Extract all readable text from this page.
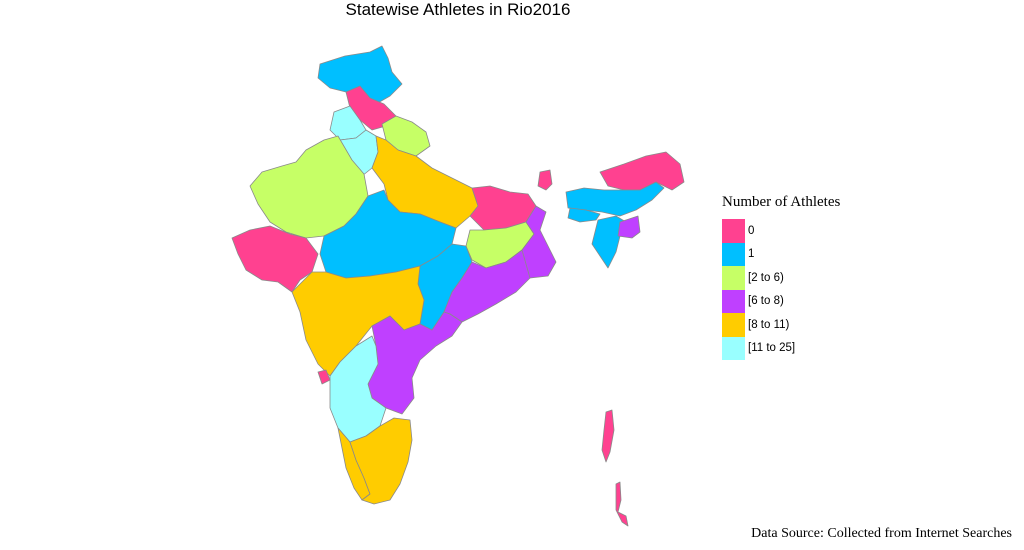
Statewise Athletes in Rio2016
Number of Athletes
0
1
[2 to 6)
[6 to 8)
[8 to 11)
[11 to 25]
Data Source: Collected from Internet Searches
